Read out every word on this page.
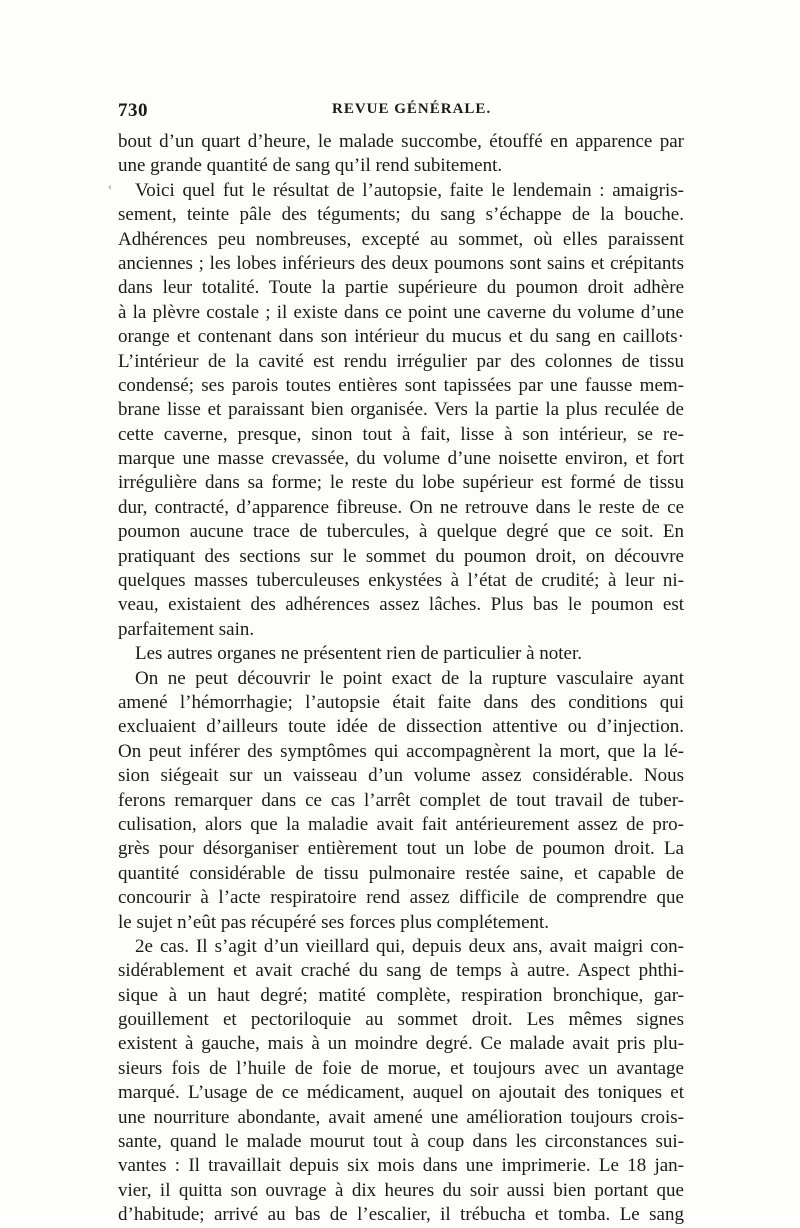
730	REVUE GÉNÉRALE.
‹
bout d’un quart d’heure, le malade succombe, étouffé en apparence par
une grande quantité de sang qu’il rend subitement.
Voici quel fut le résultat de l’autopsie, faite le lendemain : amaigris-
sement, teinte pâle des téguments; du sang s’échappe de la bouche.
Adhérences peu nombreuses, excepté au sommet, où elles paraissent
anciennes ; les lobes inférieurs des deux poumons sont sains et crépitants
dans leur totalité. Toute la partie supérieure du poumon droit adhère
à la plèvre costale ; il existe dans ce point une caverne du volume d’une
orange et contenant dans son intérieur du mucus et du sang en caillots·
L’intérieur de la cavité est rendu irrégulier par des colonnes de tissu
condensé; ses parois toutes entières sont tapissées par une fausse mem-
brane lisse et paraissant bien organisée. Vers la partie la plus reculée de
cette caverne, presque, sinon tout à fait, lisse à son intérieur, se re-
marque une masse crevassée, du volume d’une noisette environ, et fort
irrégulière dans sa forme; le reste du lobe supérieur est formé de tissu
dur, contracté, d’apparence fibreuse. On ne retrouve dans le reste de ce
poumon aucune trace de tubercules, à quelque degré que ce soit. En
pratiquant des sections sur le sommet du poumon droit, on découvre
quelques masses tuberculeuses enkystées à l’état de crudité; à leur ni-
veau, existaient des adhérences assez lâches. Plus bas le poumon est
parfaitement sain.
Les autres organes ne présentent rien de particulier à noter.
On ne peut découvrir le point exact de la rupture vasculaire ayant
amené l’hémorrhagie; l’autopsie était faite dans des conditions qui
excluaient d’ailleurs toute idée de dissection attentive ou d’injection.
On peut inférer des symptômes qui accompagnèrent la mort, que la lé-
sion siégeait sur un vaisseau d’un volume assez considérable. Nous
ferons remarquer dans ce cas l’arrêt complet de tout travail de tuber-
culisation, alors que la maladie avait fait antérieurement assez de pro-
grès pour désorganiser entièrement tout un lobe de poumon droit. La
quantité considérable de tissu pulmonaire restée saine, et capable de
concourir à l’acte respiratoire rend assez difficile de comprendre que
le sujet n’eût pas récupéré ses forces plus complétement.
2e cas. Il s’agit d’un vieillard qui, depuis deux ans, avait maigri con-
sidérablement et avait craché du sang de temps à autre. Aspect phthi-
sique à un haut degré; matité complète, respiration bronchique, gar-
gouillement et pectoriloquie au sommet droit. Les mêmes signes
existent à gauche, mais à un moindre degré. Ce malade avait pris plu-
sieurs fois de l’huile de foie de morue, et toujours avec un avantage
marqué. L’usage de ce médicament, auquel on ajoutait des toniques et
une nourriture abondante, avait amené une amélioration toujours crois-
sante, quand le malade mourut tout à coup dans les circonstances sui-
vantes : Il travaillait depuis six mois dans une imprimerie. Le 18 jan-
vier, il quitta son ouvrage à dix heures du soir aussi bien portant que
d’habitude; arrivé au bas de l’escalier, il trébucha et tomba. Le sang
